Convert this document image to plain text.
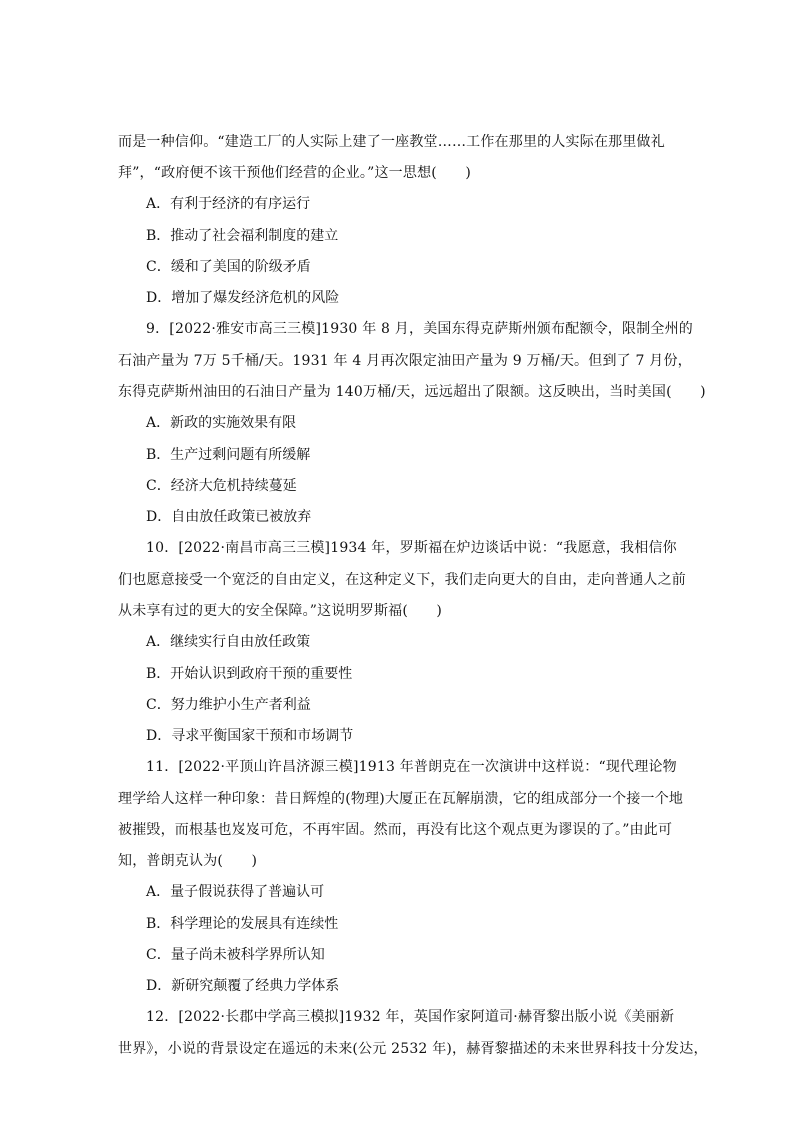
而是一种信仰。“建造工厂的人实际上建了一座教堂……工作在那里的人实际在那里做礼
拜”，“政府便不该干预他们经营的企业。”这一思想(　　)
A．有利于经济的有序运行
B．推动了社会福利制度的建立
C．缓和了美国的阶级矛盾
D．增加了爆发经济危机的风险
9．[2022·雅安市高三三模]1930 年 8 月，美国东得克萨斯州颁布配额令，限制全州的
石油产量为 7万 5千桶/天。1931 年 4 月再次限定油田产量为 9 万桶/天。但到了 7 月份，
东得克萨斯州油田的石油日产量为 140万桶/天，远远超出了限额。这反映出，当时美国(　　)
A．新政的实施效果有限
B．生产过剩问题有所缓解
C．经济大危机持续蔓延
D．自由放任政策已被放弃
10．[2022·南昌市高三三模]1934 年，罗斯福在炉边谈话中说：“我愿意，我相信你
们也愿意接受一个宽泛的自由定义，在这种定义下，我们走向更大的自由，走向普通人之前
从未享有过的更大的安全保障。”这说明罗斯福(　　)
A．继续实行自由放任政策
B．开始认识到政府干预的重要性
C．努力维护小生产者利益
D．寻求平衡国家干预和市场调节
11．[2022·平顶山许昌济源三模]1913 年普朗克在一次演讲中这样说：“现代理论物
理学给人这样一种印象：昔日辉煌的(物理)大厦正在瓦解崩溃，它的组成部分一个接一个地
被摧毁，而根基也岌岌可危，不再牢固。然而，再没有比这个观点更为谬误的了。”由此可
知，普朗克认为(　　)
A．量子假说获得了普遍认可
B．科学理论的发展具有连续性
C．量子尚未被科学界所认知
D．新研究颠覆了经典力学体系
12．[2022·长郡中学高三模拟]1932 年，英国作家阿道司·赫胥黎出版小说《美丽新
世界》，小说的背景设定在遥远的未来(公元 2532 年)，赫胥黎描述的未来世界科技十分发达，
